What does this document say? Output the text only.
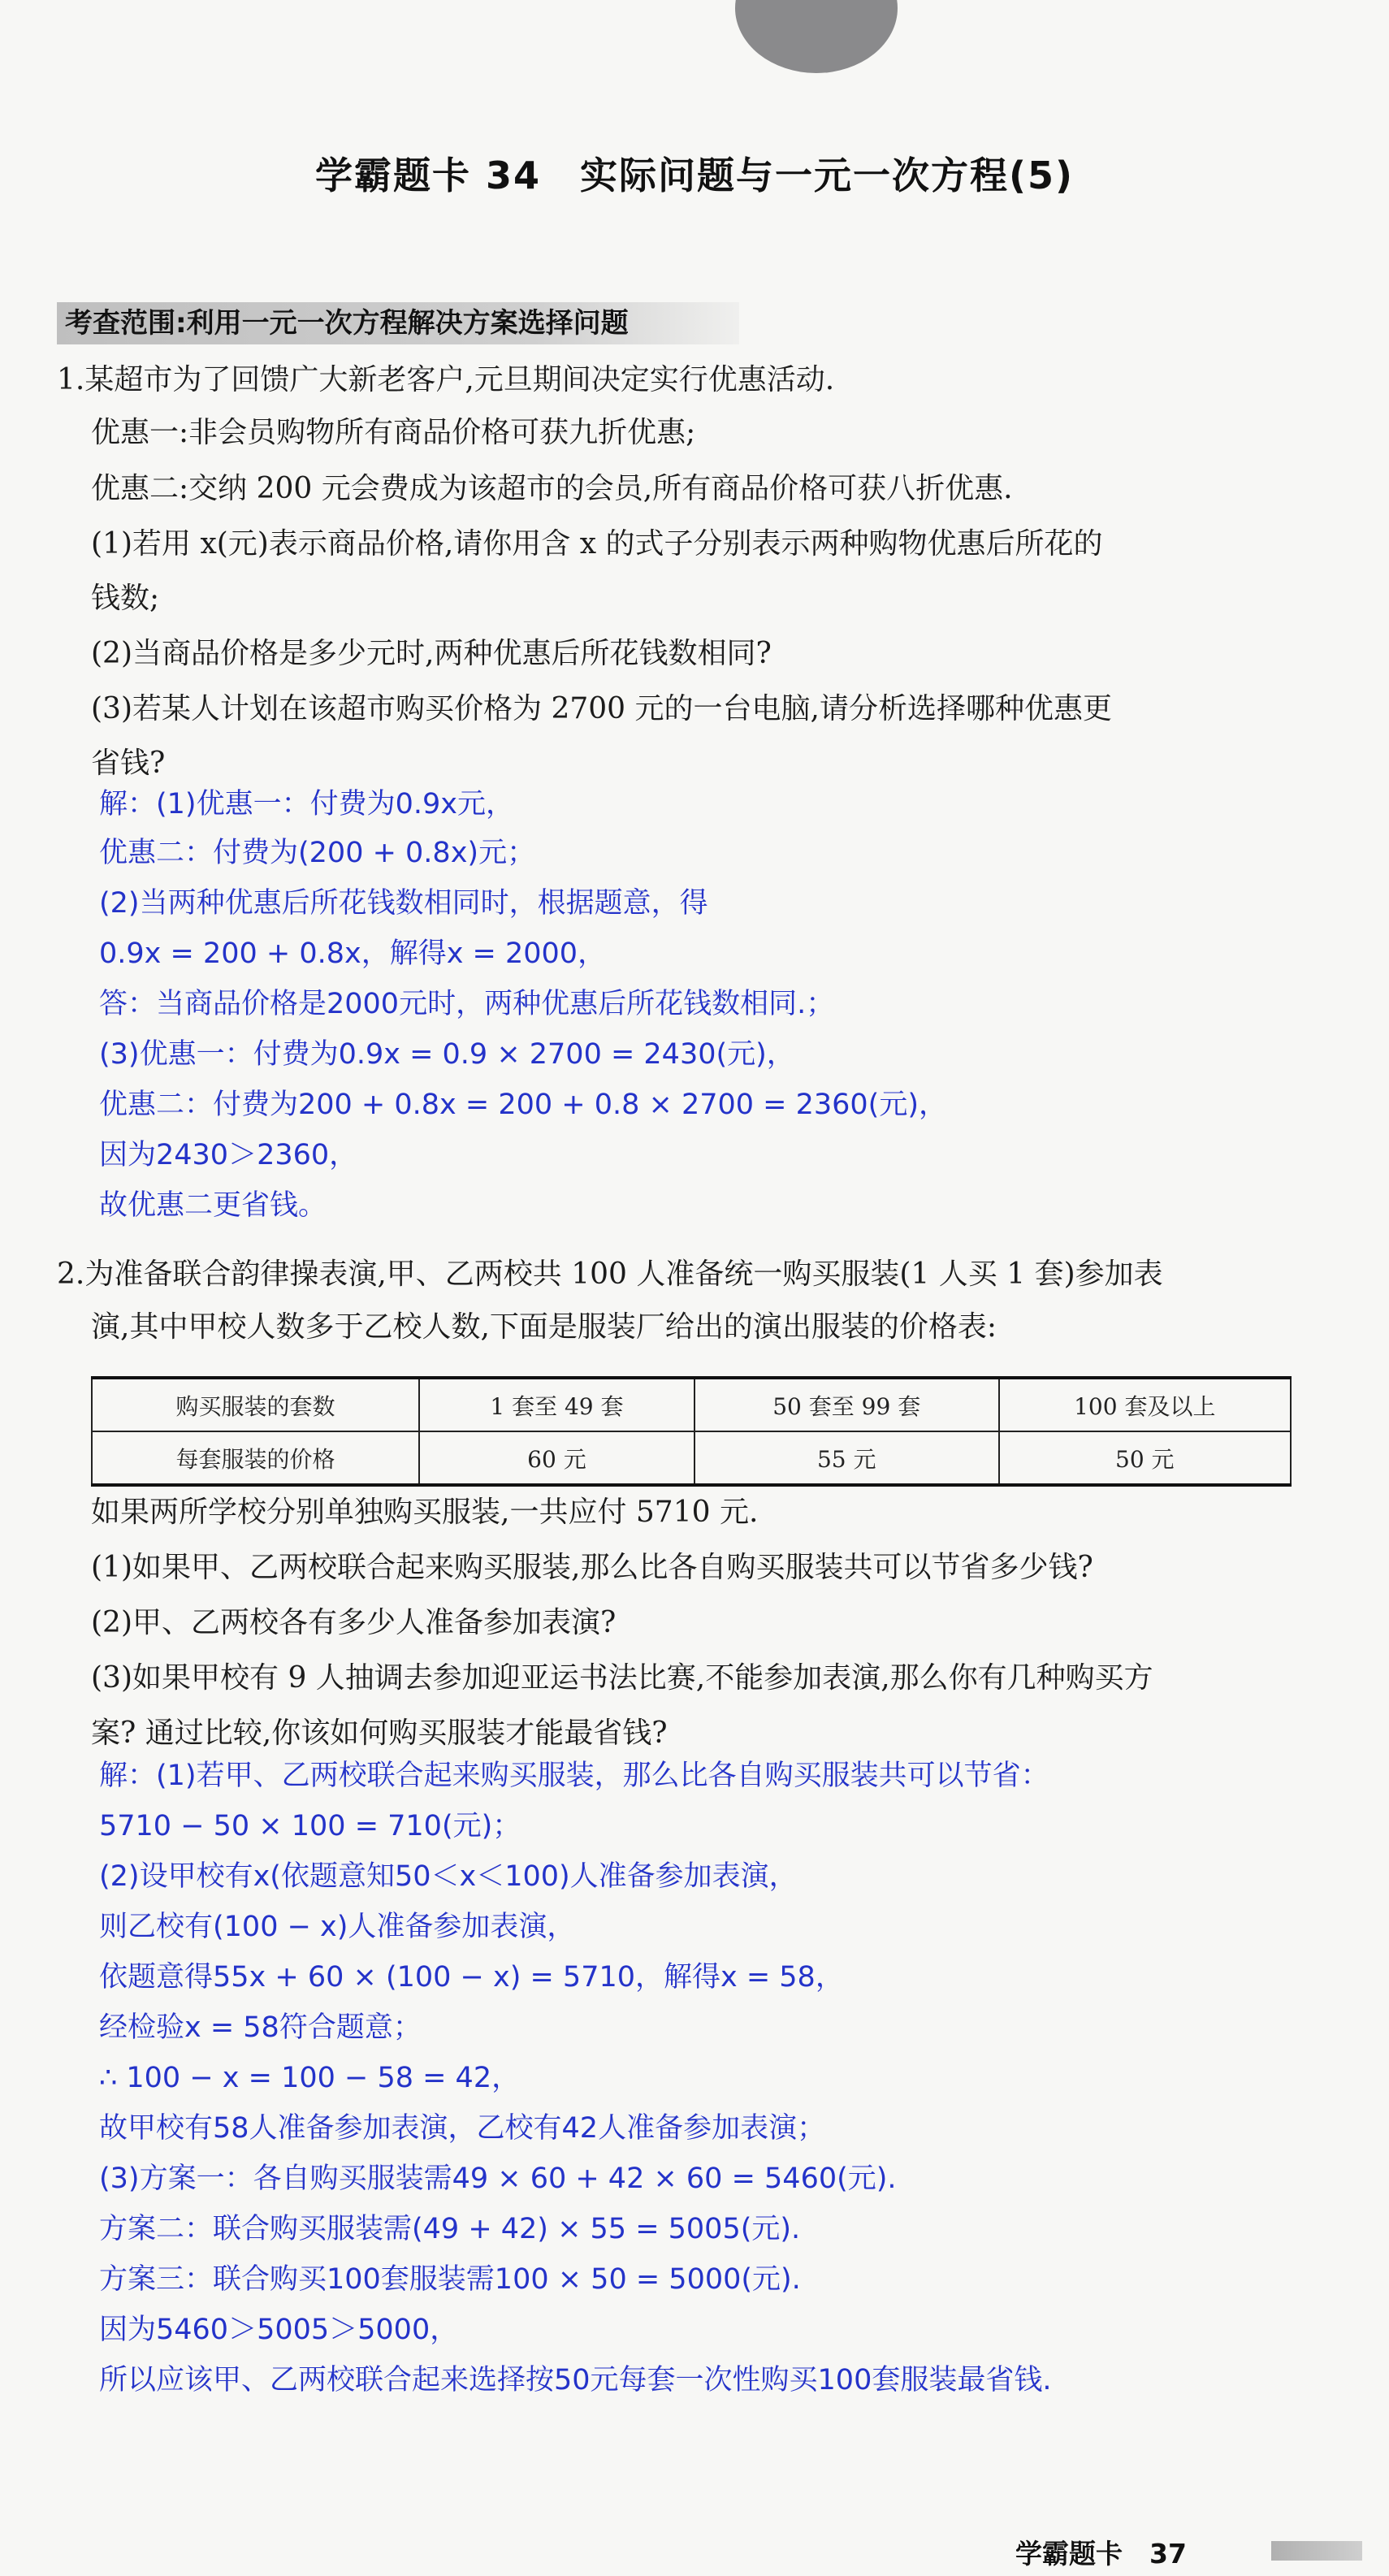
学霸题卡 34　实际问题与一元一次方程(5)
考查范围:利用一元一次方程解决方案选择问题
1.某超市为了回馈广大新老客户,元旦期间决定实行优惠活动.
优惠一:非会员购物所有商品价格可获九折优惠;
优惠二:交纳 200 元会费成为该超市的会员,所有商品价格可获八折优惠.
(1)若用 x(元)表示商品价格,请你用含 x 的式子分别表示两种购物优惠后所花的
钱数;
(2)当商品价格是多少元时,两种优惠后所花钱数相同?
(3)若某人计划在该超市购买价格为 2700 元的一台电脑,请分析选择哪种优惠更
省钱?
解：(1)优惠一：付费为0.9x元，
优惠二：付费为(200 + 0.8x)元；
(2)当两种优惠后所花钱数相同时，根据题意，得
0.9x = 200 + 0.8x，解得x = 2000，
答：当商品价格是2000元时，两种优惠后所花钱数相同.；
(3)优惠一：付费为0.9x = 0.9 × 2700 = 2430(元)，
优惠二：付费为200 + 0.8x = 200 + 0.8 × 2700 = 2360(元)，
因为2430＞2360，
故优惠二更省钱。
2.为准备联合韵律操表演,甲、乙两校共 100 人准备统一购买服装(1 人买 1 套)参加表
演,其中甲校人数多于乙校人数,下面是服装厂给出的演出服装的价格表:
购买服装的套数	1 套至 49 套	50 套至 99 套	100 套及以上
每套服装的价格	60 元	55 元	50 元
如果两所学校分别单独购买服装,一共应付 5710 元.
(1)如果甲、乙两校联合起来购买服装,那么比各自购买服装共可以节省多少钱?
(2)甲、乙两校各有多少人准备参加表演?
(3)如果甲校有 9 人抽调去参加迎亚运书法比赛,不能参加表演,那么你有几种购买方
案? 通过比较,你该如何购买服装才能最省钱?
解：(1)若甲、乙两校联合起来购买服装，那么比各自购买服装共可以节省：
5710 − 50 × 100 = 710(元)；
(2)设甲校有x(依题意知50＜x＜100)人准备参加表演，
则乙校有(100 − x)人准备参加表演，
依题意得55x + 60 × (100 − x) = 5710，解得x = 58，
经检验x = 58符合题意；
∴ 100 − x = 100 − 58 = 42，
故甲校有58人准备参加表演，乙校有42人准备参加表演；
(3)方案一：各自购买服装需49 × 60 + 42 × 60 = 5460(元).
方案二：联合购买服装需(49 + 42) × 55 = 5005(元).
方案三：联合购买100套服装需100 × 50 = 5000(元).
因为5460＞5005＞5000，
所以应该甲、乙两校联合起来选择按50元每套一次性购买100套服装最省钱.
学霸题卡　37
